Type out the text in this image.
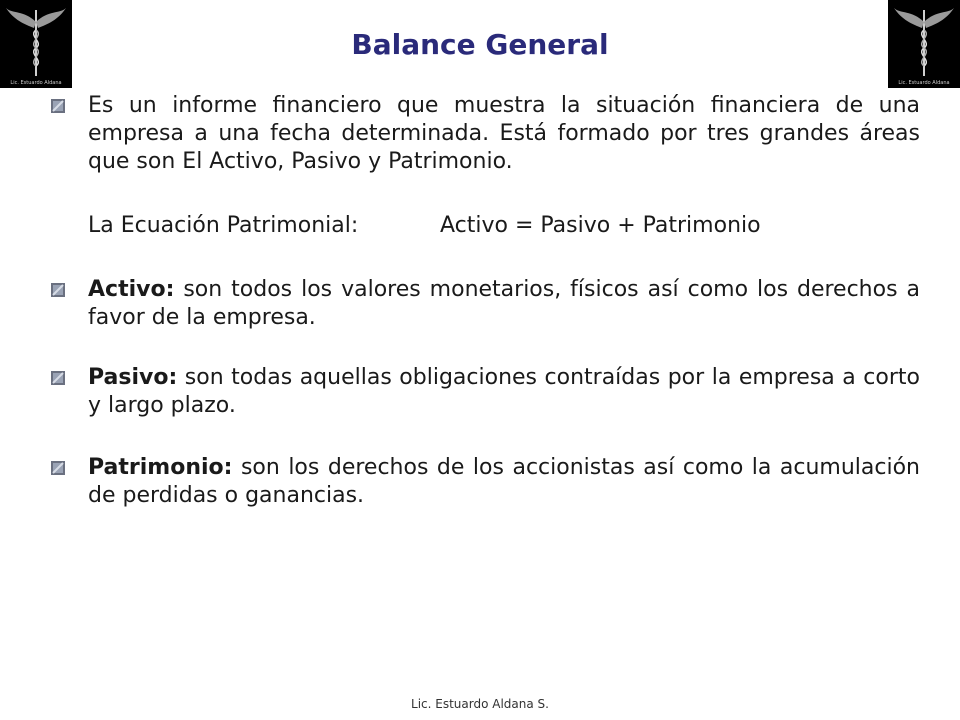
Lic. Estuardo Aldana	Lic. Estuardo Aldana
Balance General
Es un informe financiero que muestra la situación financiera de una empresa a una fecha determinada. Está formado por tres grandes áreas que son El Activo, Pasivo y Patrimonio.
La Ecuación Patrimonial:	Activo = Pasivo + Patrimonio
Activo: son todos los valores monetarios, físicos así como los derechos a favor de la empresa.
Pasivo: son todas aquellas obligaciones contraídas por la empresa a corto y largo plazo.
Patrimonio: son los derechos de los accionistas así como la acumulación de perdidas o ganancias.
Lic. Estuardo Aldana S.
